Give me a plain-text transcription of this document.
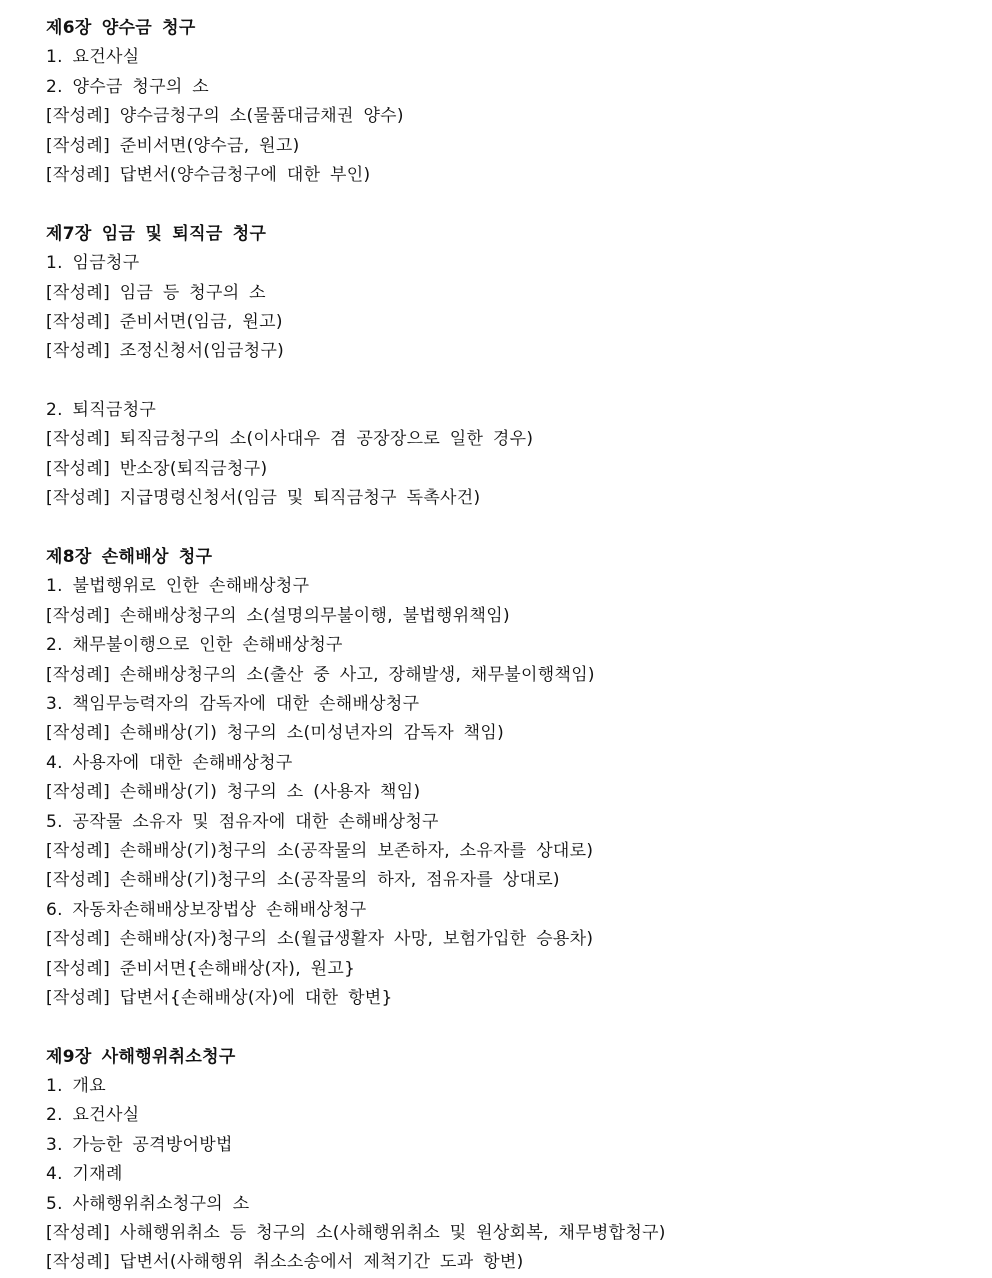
제6장 양수금 청구
1. 요건사실
2. 양수금 청구의 소
[작성례] 양수금청구의 소(물품대금채권 양수)
[작성례] 준비서면(양수금, 원고)
[작성례] 답변서(양수금청구에 대한 부인)
제7장 임금 및 퇴직금 청구
1. 임금청구
[작성례] 임금 등 청구의 소
[작성례] 준비서면(임금, 원고)
[작성례] 조정신청서(임금청구)
2. 퇴직금청구
[작성례] 퇴직금청구의 소(이사대우 겸 공장장으로 일한 경우)
[작성례] 반소장(퇴직금청구)
[작성례] 지급명령신청서(임금 및 퇴직금청구 독촉사건)
제8장 손해배상 청구
1. 불법행위로 인한 손해배상청구
[작성례] 손해배상청구의 소(설명의무불이행, 불법행위책임)
2. 채무불이행으로 인한 손해배상청구
[작성례] 손해배상청구의 소(출산 중 사고, 장해발생, 채무불이행책임)
3. 책임무능력자의 감독자에 대한 손해배상청구
[작성례] 손해배상(기) 청구의 소(미성년자의 감독자 책임)
4. 사용자에 대한 손해배상청구
[작성례] 손해배상(기) 청구의 소 (사용자 책임)
5. 공작물 소유자 및 점유자에 대한 손해배상청구
[작성례] 손해배상(기)청구의 소(공작물의 보존하자, 소유자를 상대로)
[작성례] 손해배상(기)청구의 소(공작물의 하자, 점유자를 상대로)
6. 자동차손해배상보장법상 손해배상청구
[작성례] 손해배상(자)청구의 소(월급생활자 사망, 보험가입한 승용차)
[작성례] 준비서면{손해배상(자), 원고}
[작성례] 답변서{손해배상(자)에 대한 항변}
제9장 사해행위취소청구
1. 개요
2. 요건사실
3. 가능한 공격방어방법
4. 기재례
5. 사해행위취소청구의 소
[작성례] 사해행위취소 등 청구의 소(사해행위취소 및 원상회복, 채무병합청구)
[작성례] 답변서(사해행위 취소소송에서 제척기간 도과 항변)
